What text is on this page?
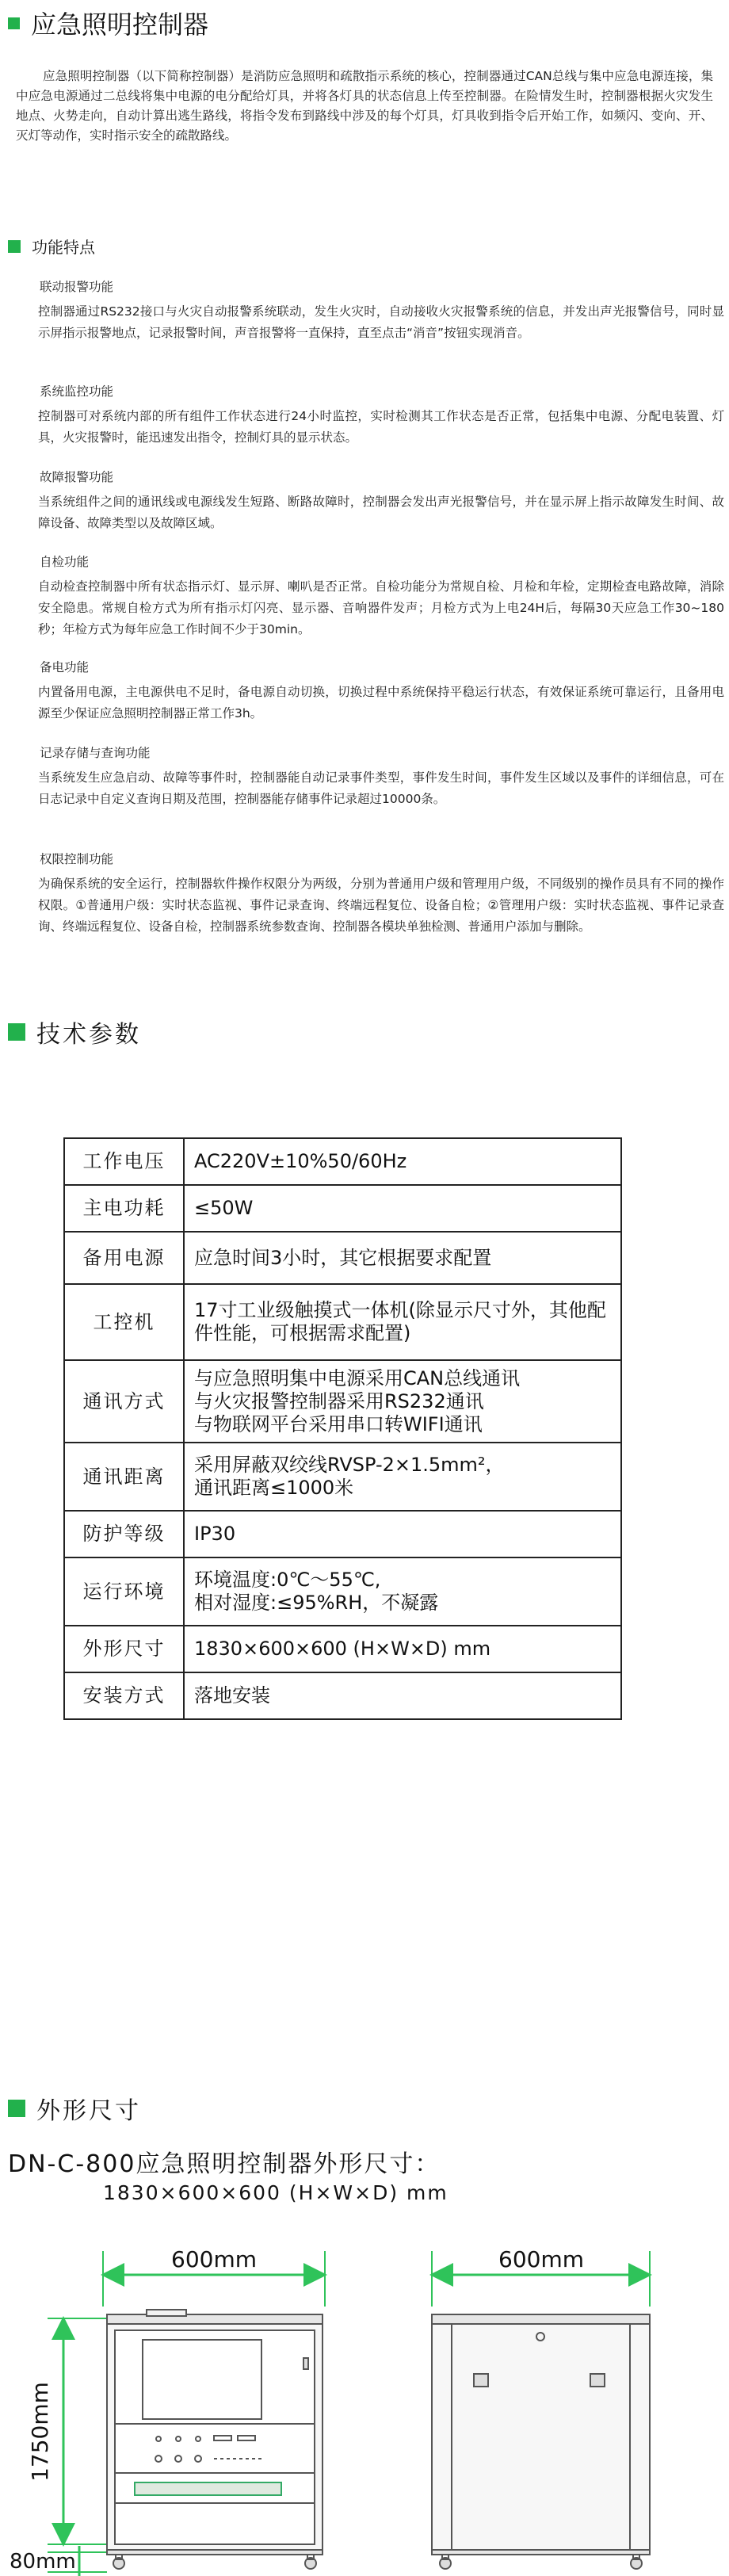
应急照明控制器

应急照明控制器（以下简称控制器）是消防应急照明和疏散指示系统的核心，控制器通过CAN总线与集中应急电源连接，集中应急电源通过二总线将集中电源的电分配给灯具，并将各灯具的状态信息上传至控制器。在险情发生时，控制器根据火灾发生地点、火势走向，自动计算出逃生路线，将指令发布到路线中涉及的每个灯具，灯具收到指令后开始工作，如频闪、变向、开、灭灯等动作，实时指示安全的疏散路线。

功能特点
联动报警功能

控制器通过RS232接口与火灾自动报警系统联动，发生火灾时，自动接收火灾报警系统的信息，并发出声光报警信号，同时显示屏指示报警地点，记录报警时间，声音报警将一直保持，直至点击“消音”按钮实现消音。

系统监控功能

控制器可对系统内部的所有组件工作状态进行24小时监控，实时检测其工作状态是否正常，包括集中电源、分配电装置、灯具，火灾报警时，能迅速发出指令，控制灯具的显示状态。

故障报警功能

当系统组件之间的通讯线或电源线发生短路、断路故障时，控制器会发出声光报警信号，并在显示屏上指示故障发生时间、故障设备、故障类型以及故障区域。

自检功能

自动检查控制器中所有状态指示灯、显示屏、喇叭是否正常。自检功能分为常规自检、月检和年检，定期检查电路故障，消除安全隐患。常规自检方式为所有指示灯闪亮、显示器、音响器件发声；月检方式为上电24H后，每隔30天应急工作30~180秒；年检方式为每年应急工作时间不少于30min。

备电功能

内置备用电源，主电源供电不足时，备电源自动切换，切换过程中系统保持平稳运行状态，有效保证系统可靠运行，且备用电源至少保证应急照明控制器正常工作3h。

记录存储与查询功能

当系统发生应急启动、故障等事件时，控制器能自动记录事件类型，事件发生时间，事件发生区域以及事件的详细信息，可在日志记录中自定义查询日期及范围，控制器能存储事件记录超过10000条。

权限控制功能

为确保系统的安全运行，控制器软件操作权限分为两级，分别为普通用户级和管理用户级，不同级别的操作员具有不同的操作权限。①普通用户级：实时状态监视、事件记录查询、终端远程复位、设备自检；②管理用户级：实时状态监视、事件记录查询、终端远程复位、设备自检，控制器系统参数查询、控制器各模块单独检测、普通用户添加与删除。

技术参数
工作电压	AC220V±10%50/60Hz
主电功耗	≤50W
备用电源	应急时间3小时，其它根据要求配置
工控机	17寸工业级触摸式一体机(除显示尺寸外，其他配件性能，可根据需求配置)
通讯方式	与应急照明集中电源采用CAN总线通讯
与火灾报警控制器采用RS232通讯
与物联网平台采用串口转WIFI通讯
通讯距离	采用屏蔽双绞线RVSP-2×1.5mm²，
通讯距离≤1000米
防护等级	IP30
运行环境	环境温度:0℃～55℃,
相对湿度:≤95%RH，不凝露
外形尺寸	1830×600×600 (H×W×D) mm
安装方式	落地安装
外形尺寸
DN-C-800应急照明控制器外形尺寸：
1830×600×600 (H×W×D) mm
600mm	600mm
1750mm
80mm
